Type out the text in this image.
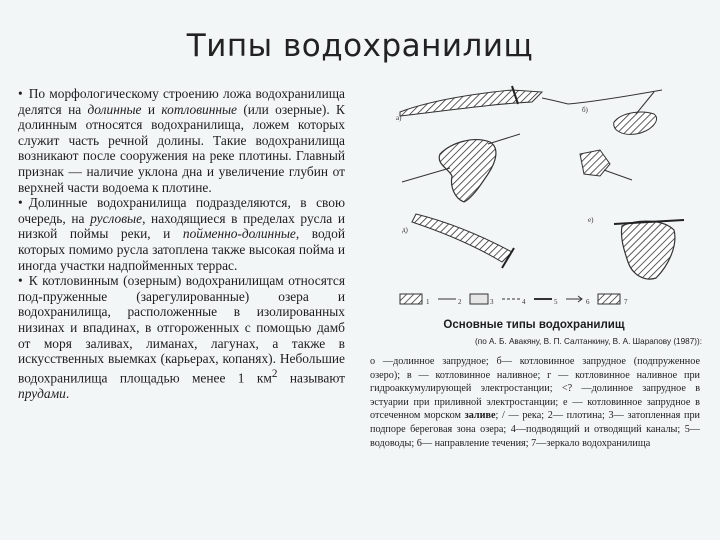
Типы водохранилищ

• По морфологическому строению ложа водохранилища делятся на долинные и котловинные (или озерные). К долинным относятся водохранилища, ложем которых служит часть речной долины. Такие водохранилища возникают после сооружения на реке плотины. Главный признак — наличие уклона дна и увеличение глубин от верхней части водоема к плотине.

• Долинные водохранилища подразделяются, в свою очередь, на русловые, находящиеся в пределах русла и низкой поймы реки, и пойменно-долинные, водой которых помимо русла затоплена также высокая пойма и иногда участки надпойменных террас.

• К котловинным (озерным) водохранилищам относятся под-пруженные (зарегулированные) озера и водохранилища, расположенные в изолированных низинах и впадинах, в отгороженных с помощью дамб от моря заливах, лиманах, лагунах, а также в искусственных выемках (карьерах, копанях). Небольшие водохранилища площадью менее 1 $км^2$ называют прудами.

а)
б)
д)
е)
1	2	3	4	5	6	7
Основные типы водохранилищ
(по А. Б. Авакяну, В. П. Салтанкину, В. А. Шарапову (1987)):
о —долинное запрудное; б— котловинное запрудное (подпруженное озеро); в — котловинное наливное; г — котловинное наливное при гидроаккумулирующей электростанции; <? —долинное запрудное в эстуарии при приливной электростанции; е — котловинное запрудное в отсеченном морском заливе; / — река; 2— плотина; 3— затопленная при подпоре береговая зона озера; 4—подводящий и отводящий каналы; 5— водоводы; 6— направление течения; 7—зеркало водохранилища
